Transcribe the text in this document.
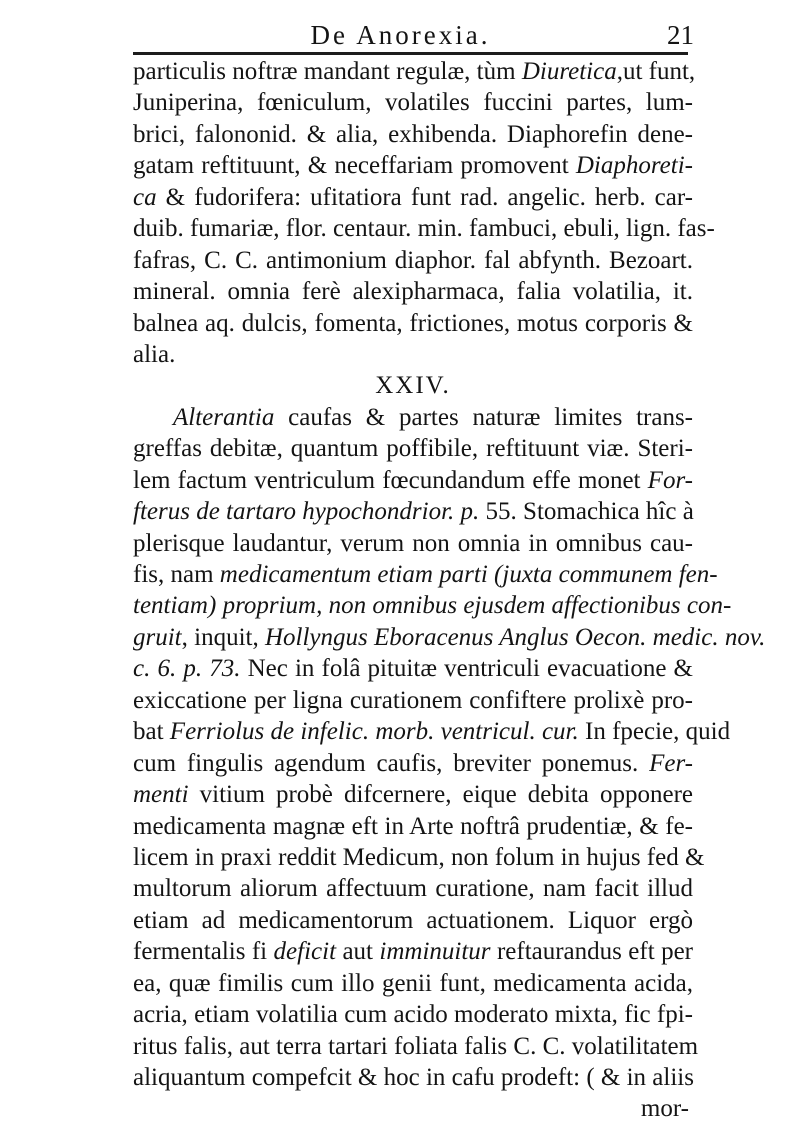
De Anorexia.	21
particulis noftræ mandant regulæ, tùm Diuretica,ut funt,
Juniperina, fœniculum, volatiles fuccini partes, lum-
brici, falononid. & alia, exhibenda. Diaphorefin dene-
gatam reftituunt, & neceffariam promovent Diaphoreti-
ca & fudorifera: ufitatiora funt rad. angelic. herb. car-
duib. fumariæ, flor. centaur. min. fambuci, ebuli, lign. fas-
fafras, C. C. antimonium diaphor. fal abfynth. Bezoart.
mineral. omnia ferè alexipharmaca, falia volatilia, it.
balnea aq. dulcis, fomenta, frictiones, motus corporis &
alia.
XXIV.
Alterantia caufas & partes naturæ limites trans-
greffas debitæ, quantum poffibile, reftituunt viæ. Steri-
lem factum ventriculum fœcundandum effe monet For-
fterus de tartaro hypochondrior. p. 55. Stomachica hîc à
plerisque laudantur, verum non omnia in omnibus cau-
fis, nam medicamentum etiam parti (juxta communem fen-
tentiam) proprium, non omnibus ejusdem affectionibus con-
gruit, inquit, Hollyngus Eboracenus Anglus Oecon. medic. nov.
c. 6. p. 73. Nec in folâ pituitæ ventriculi evacuatione &
exiccatione per ligna curationem confiftere prolixè pro-
bat Ferriolus de infelic. morb. ventricul. cur. In fpecie, quid
cum fingulis agendum caufis, breviter ponemus. Fer-
menti vitium probè difcernere, eique debita opponere
medicamenta magnæ eft in Arte noftrâ prudentiæ, & fe-
licem in praxi reddit Medicum, non folum in hujus fed &
multorum aliorum affectuum curatione, nam facit illud
etiam ad medicamentorum actuationem. Liquor ergò
fermentalis fi deficit aut imminuitur reftaurandus eft per
ea, quæ fimilis cum illo genii funt, medicamenta acida,
acria, etiam volatilia cum acido moderato mixta, fic fpi-
ritus falis, aut terra tartari foliata falis C. C. volatilitatem
aliquantum compefcit & hoc in cafu prodeft: ( & in aliis
mor-
